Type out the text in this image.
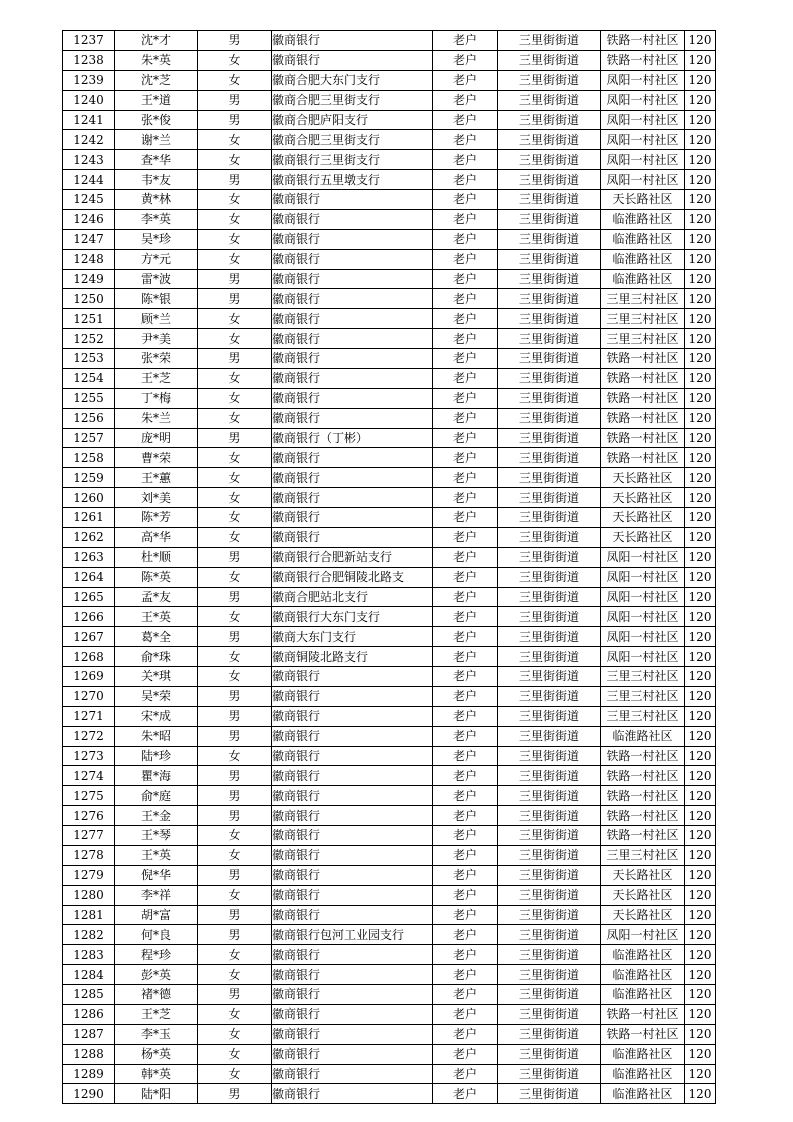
1237	沈*才	男	徽商银行	老户	三里街街道	铁路一村社区	120
1238	朱*英	女	徽商银行	老户	三里街街道	铁路一村社区	120
1239	沈*芝	女	徽商合肥大东门支行	老户	三里街街道	凤阳一村社区	120
1240	王*道	男	徽商合肥三里街支行	老户	三里街街道	凤阳一村社区	120
1241	张*俊	男	徽商合肥庐阳支行	老户	三里街街道	凤阳一村社区	120
1242	谢*兰	女	徽商合肥三里街支行	老户	三里街街道	凤阳一村社区	120
1243	查*华	女	徽商银行三里街支行	老户	三里街街道	凤阳一村社区	120
1244	韦*友	男	徽商银行五里墩支行	老户	三里街街道	凤阳一村社区	120
1245	黄*林	女	徽商银行	老户	三里街街道	天长路社区	120
1246	李*英	女	徽商银行	老户	三里街街道	临淮路社区	120
1247	吴*珍	女	徽商银行	老户	三里街街道	临淮路社区	120
1248	方*元	女	徽商银行	老户	三里街街道	临淮路社区	120
1249	雷*波	男	徽商银行	老户	三里街街道	临淮路社区	120
1250	陈*银	男	徽商银行	老户	三里街街道	三里三村社区	120
1251	顾*兰	女	徽商银行	老户	三里街街道	三里三村社区	120
1252	尹*美	女	徽商银行	老户	三里街街道	三里三村社区	120
1253	张*荣	男	徽商银行	老户	三里街街道	铁路一村社区	120
1254	王*芝	女	徽商银行	老户	三里街街道	铁路一村社区	120
1255	丁*梅	女	徽商银行	老户	三里街街道	铁路一村社区	120
1256	朱*兰	女	徽商银行	老户	三里街街道	铁路一村社区	120
1257	庞*明	男	徽商银行（丁彬）	老户	三里街街道	铁路一村社区	120
1258	曹*荣	女	徽商银行	老户	三里街街道	铁路一村社区	120
1259	王*蕙	女	徽商银行	老户	三里街街道	天长路社区	120
1260	刘*美	女	徽商银行	老户	三里街街道	天长路社区	120
1261	陈*芳	女	徽商银行	老户	三里街街道	天长路社区	120
1262	高*华	女	徽商银行	老户	三里街街道	天长路社区	120
1263	杜*顺	男	徽商银行合肥新站支行	老户	三里街街道	凤阳一村社区	120
1264	陈*英	女	徽商银行合肥铜陵北路支	老户	三里街街道	凤阳一村社区	120
1265	孟*友	男	徽商合肥站北支行	老户	三里街街道	凤阳一村社区	120
1266	王*英	女	徽商银行大东门支行	老户	三里街街道	凤阳一村社区	120
1267	葛*全	男	徽商大东门支行	老户	三里街街道	凤阳一村社区	120
1268	俞*珠	女	徽商铜陵北路支行	老户	三里街街道	凤阳一村社区	120
1269	关*琪	女	徽商银行	老户	三里街街道	三里三村社区	120
1270	吴*荣	男	徽商银行	老户	三里街街道	三里三村社区	120
1271	宋*成	男	徽商银行	老户	三里街街道	三里三村社区	120
1272	朱*昭	男	徽商银行	老户	三里街街道	临淮路社区	120
1273	陆*珍	女	徽商银行	老户	三里街街道	铁路一村社区	120
1274	瞿*海	男	徽商银行	老户	三里街街道	铁路一村社区	120
1275	俞*庭	男	徽商银行	老户	三里街街道	铁路一村社区	120
1276	王*金	男	徽商银行	老户	三里街街道	铁路一村社区	120
1277	王*琴	女	徽商银行	老户	三里街街道	铁路一村社区	120
1278	王*英	女	徽商银行	老户	三里街街道	三里三村社区	120
1279	倪*华	男	徽商银行	老户	三里街街道	天长路社区	120
1280	李*祥	女	徽商银行	老户	三里街街道	天长路社区	120
1281	胡*富	男	徽商银行	老户	三里街街道	天长路社区	120
1282	何*良	男	徽商银行包河工业园支行	老户	三里街街道	凤阳一村社区	120
1283	程*珍	女	徽商银行	老户	三里街街道	临淮路社区	120
1284	彭*英	女	徽商银行	老户	三里街街道	临淮路社区	120
1285	褚*德	男	徽商银行	老户	三里街街道	临淮路社区	120
1286	王*芝	女	徽商银行	老户	三里街街道	铁路一村社区	120
1287	李*玉	女	徽商银行	老户	三里街街道	铁路一村社区	120
1288	杨*英	女	徽商银行	老户	三里街街道	临淮路社区	120
1289	韩*英	女	徽商银行	老户	三里街街道	临淮路社区	120
1290	陆*阳	男	徽商银行	老户	三里街街道	临淮路社区	120
